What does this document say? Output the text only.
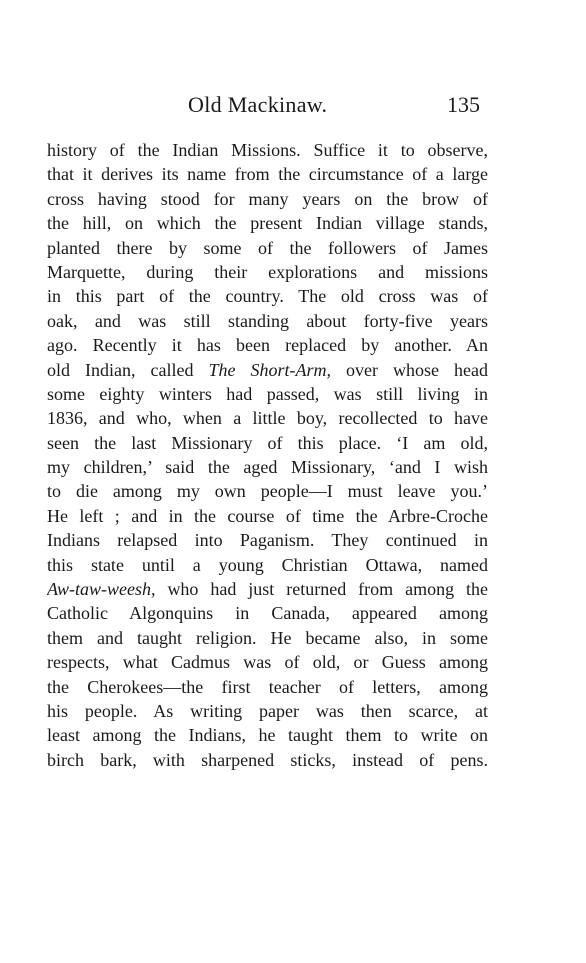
Old Mackinaw.	135
history of the Indian Missions. Suffice it to observe,
that it derives its name from the circumstance of a large
cross having stood for many years on the brow of
the hill, on which the present Indian village stands,
planted there by some of the followers of James
Marquette, during their explorations and missions
in this part of the country. The old cross was of
oak, and was still standing about forty-five years
ago. Recently it has been replaced by another. An
old Indian, called The Short-Arm, over whose head
some eighty winters had passed, was still living in
1836, and who, when a little boy, recollected to have
seen the last Missionary of this place. ‘I am old,
my children,’ said the aged Missionary, ‘and I wish
to die among my own people—I must leave you.’
He left ; and in the course of time the Arbre-Croche
Indians relapsed into Paganism. They continued in
this state until a young Christian Ottawa, named
Aw-taw-weesh, who had just returned from among the
Catholic Algonquins in Canada, appeared among
them and taught religion. He became also, in some
respects, what Cadmus was of old, or Guess among
the Cherokees—the first teacher of letters, among
his people. As writing paper was then scarce, at
least among the Indians, he taught them to write on
birch bark, with sharpened sticks, instead of pens.
